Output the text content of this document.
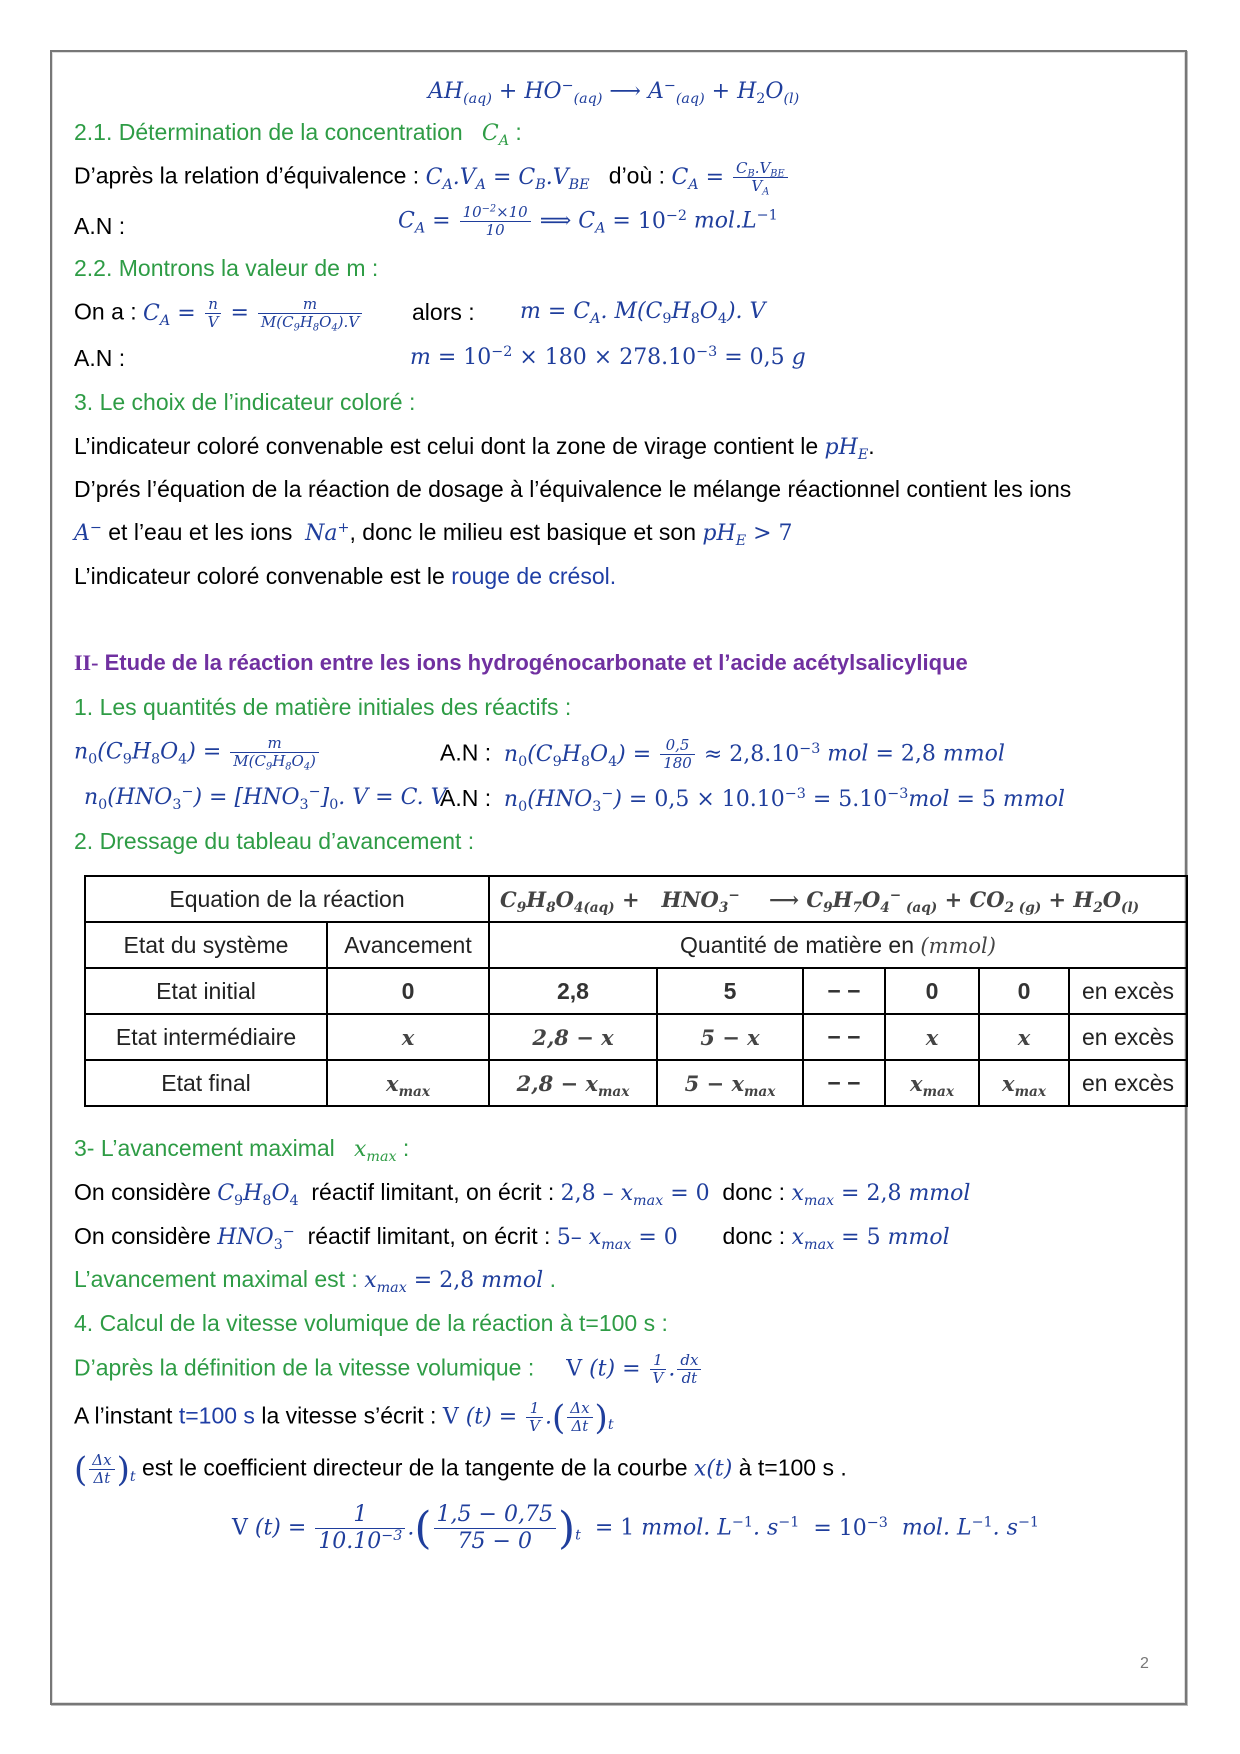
$AH_{(aq)} + HO^-_{(aq)}$ ⟶ $A^-_{(aq)} + H_2O_{(l)}$
2.1. Détermination de la concentration $C_A$ :
D’après la relation d’équivalence : $C_A.V_A = C_B.V_{BE}$ d’où : $C_A = \frac{C_B.V_{BE}}{V_A}$
A.N :	$C_A = \frac{10^{-2}\times 10}{10}$ ⟹ $C_A = 10^{-2}$ $mol.L^{-1}$
2.2. Montrons la valeur de m :
On a : $C_A = \frac{n}{V} = \frac{m}{M(C_9H_8O_4).V}$ alors : $m = C_A$. $M(C_9H_8O_4)$. V
A.N :	$m = 10^{-2} \times 180 \times 278.10^{-3} = 0,5$ g
3. Le choix de l’indicateur coloré :
L’indicateur coloré convenable est celui dont la zone de virage contient le $pH_E$.
D’prés l’équation de la réaction de dosage à l’équivalence le mélange réactionnel contient les ions
A− et l’eau et les ions Na+, donc le milieu est basique et son $pH_E > 7$
L’indicateur coloré convenable est le rouge de crésol.
II- Etude de la réaction entre les ions hydrogénocarbonate et l’acide acétylsalicylique
1. Les quantités de matière initiales des réactifs :
$n_0(C_9H_8O_4) = \frac{m}{M(C_9H_8O_4)}$	A.N : $n_0(C_9H_8O_4) = \frac{0,5}{180} \approx 2,8.10^{-3}$ mol = 2,8 mmol
$n_0(HNO_3^-) = [HNO_3^-]_0$. V = C. V
A.N : $n_0(HNO_3^-) = 0,5 \times 10.10^{-3} = 5.10^{-3}mol = 5$ mmol
2. Dressage du tableau d’avancement :
Equation de la réaction		$C_9H_8O_{4(aq)} + HNO_3^-$ ⟶ $C_9H_7O_4^-$ $_{(aq)} + CO_{2 (g)} + H_2O_{(l)}$
Etat du système	Avancement	Quantité de matière en (mmol)					
Etat initial	0	2,8	5	− −	0	0	en excès
Etat intermédiaire	x	2,8 − x	5 − x	− −	x	x	en excès
Etat final	$x_{max}$	$2,8 - x_{max}$	$5 - x_{max}$	− −	$x_{max}$	$x_{max}$	en excès
3- L’avancement maximal $x_{max}$ :
On considère $C_9H_8O_4$ réactif limitant, on écrit : $2,8 - x_{max} = 0$ donc : $x_{max} = 2,8$ mmol
On considère $HNO_3^-$ réactif limitant, on écrit : 5– $x_{max} = 0$ donc : $x_{max} = 5$ mmol
L’avancement maximal est : $x_{max} = 2,8$ mmol .
4. Calcul de la vitesse volumique de la réaction à t=100 s :
D’après la définition de la vitesse volumique : V $(t) = \frac{1}{V}$ . $\frac{dx}{dt}$
A l’instant t=100 s la vitesse s’écrit : V $(t) = \frac{1}{V}$ .( $\frac{\Delta x}{\Delta t} )_t$
( $\frac{\Delta x}{\Delta t} )_t$ est le coefficient directeur de la tangente de la courbe x(t) à t=100 s .
V $(t) = \frac{1}{10.10^{-3}}$ .( $\frac{1,5 - 0,75}{75 - 0} )_t = 1$ mmol. $L^{-1}$. $s^{-1} = 10^{-3}$  mol. $L^{-1}$. $s^{-1}$
2
